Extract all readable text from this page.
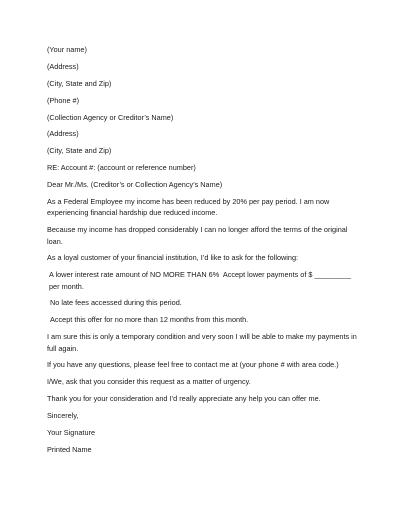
(Your name)

(Address)

(City, State and Zip)

(Phone #)

(Collection Agency or Creditor’s Name)

(Address)

(City, State and Zip)

RE: Account #: (account or reference number)

Dear Mr./Ms. (Creditor’s or Collection Agency’s Name)

As a Federal Employee my income has been reduced by 20% per pay period. I am now experiencing financial hardship due reduced income.

Because my income has dropped considerably I can no longer afford the terms of the original loan.

As a loyal customer of your financial institution, I’d like to ask for the following:

A lower interest rate amount of NO MORE THAN 6%  Accept lower payments of $ _________ per month.

No late fees accessed during this period.

Accept this offer for no more than 12 months from this month.

I am sure this is only a temporary condition and very soon I will be able to make my payments in full again.

If you have any questions, please feel free to contact me at (your phone # with area code.)

I/We, ask that you consider this request as a matter of urgency.

Thank you for your consideration and I’d really appreciate any help you can offer me.

Sincerely,

Your Signature

Printed Name
